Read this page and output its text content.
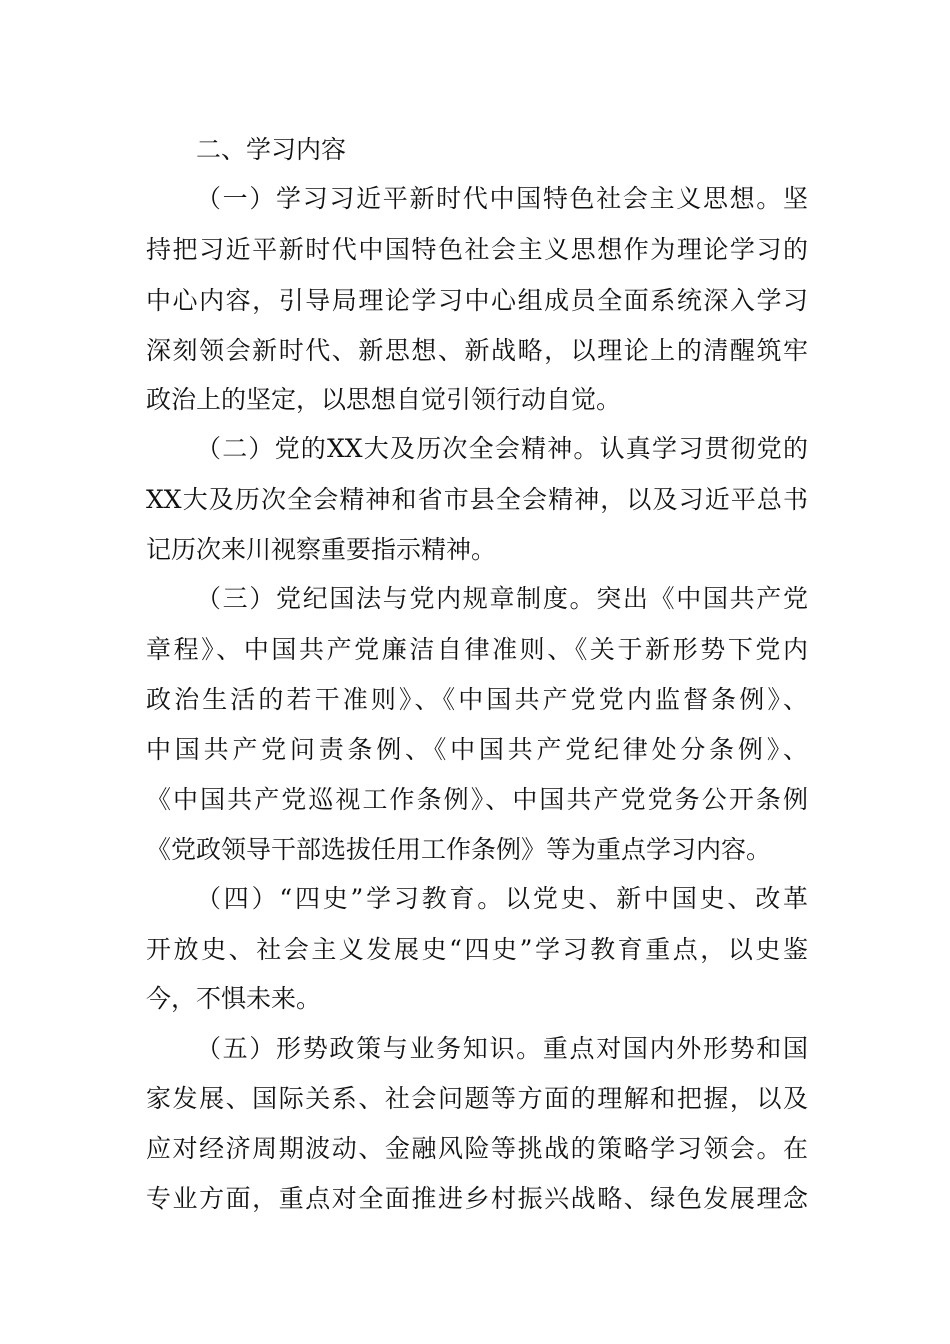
二、学习内容
（一）学习习近平新时代中国特色社会主义思想。坚
持把习近平新时代中国特色社会主义思想作为理论学习的
中心内容，引导局理论学习中心组成员全面系统深入学习
深刻领会新时代、新思想、新战略，以理论上的清醒筑牢
政治上的坚定，以思想自觉引领行动自觉。
（二）党的XX大及历次全会精神。认真学习贯彻党的
XX大及历次全会精神和省市县全会精神，以及习近平总书
记历次来川视察重要指示精神。
（三）党纪国法与党内规章制度。突出《中国共产党
章程》、中国共产党廉洁自律准则、《关于新形势下党内
政治生活的若干准则》、《中国共产党党内监督条例》、
中国共产党问责条例、《中国共产党纪律处分条例》、
《中国共产党巡视工作条例》、中国共产党党务公开条例
《党政领导干部选拔任用工作条例》等为重点学习内容。
（四）“四史”学习教育。以党史、新中国史、改革
开放史、社会主义发展史“四史”学习教育重点，以史鉴
今，不惧未来。
（五）形势政策与业务知识。重点对国内外形势和国
家发展、国际关系、社会问题等方面的理解和把握，以及
应对经济周期波动、金融风险等挑战的策略学习领会。在
专业方面，重点对全面推进乡村振兴战略、绿色发展理念
